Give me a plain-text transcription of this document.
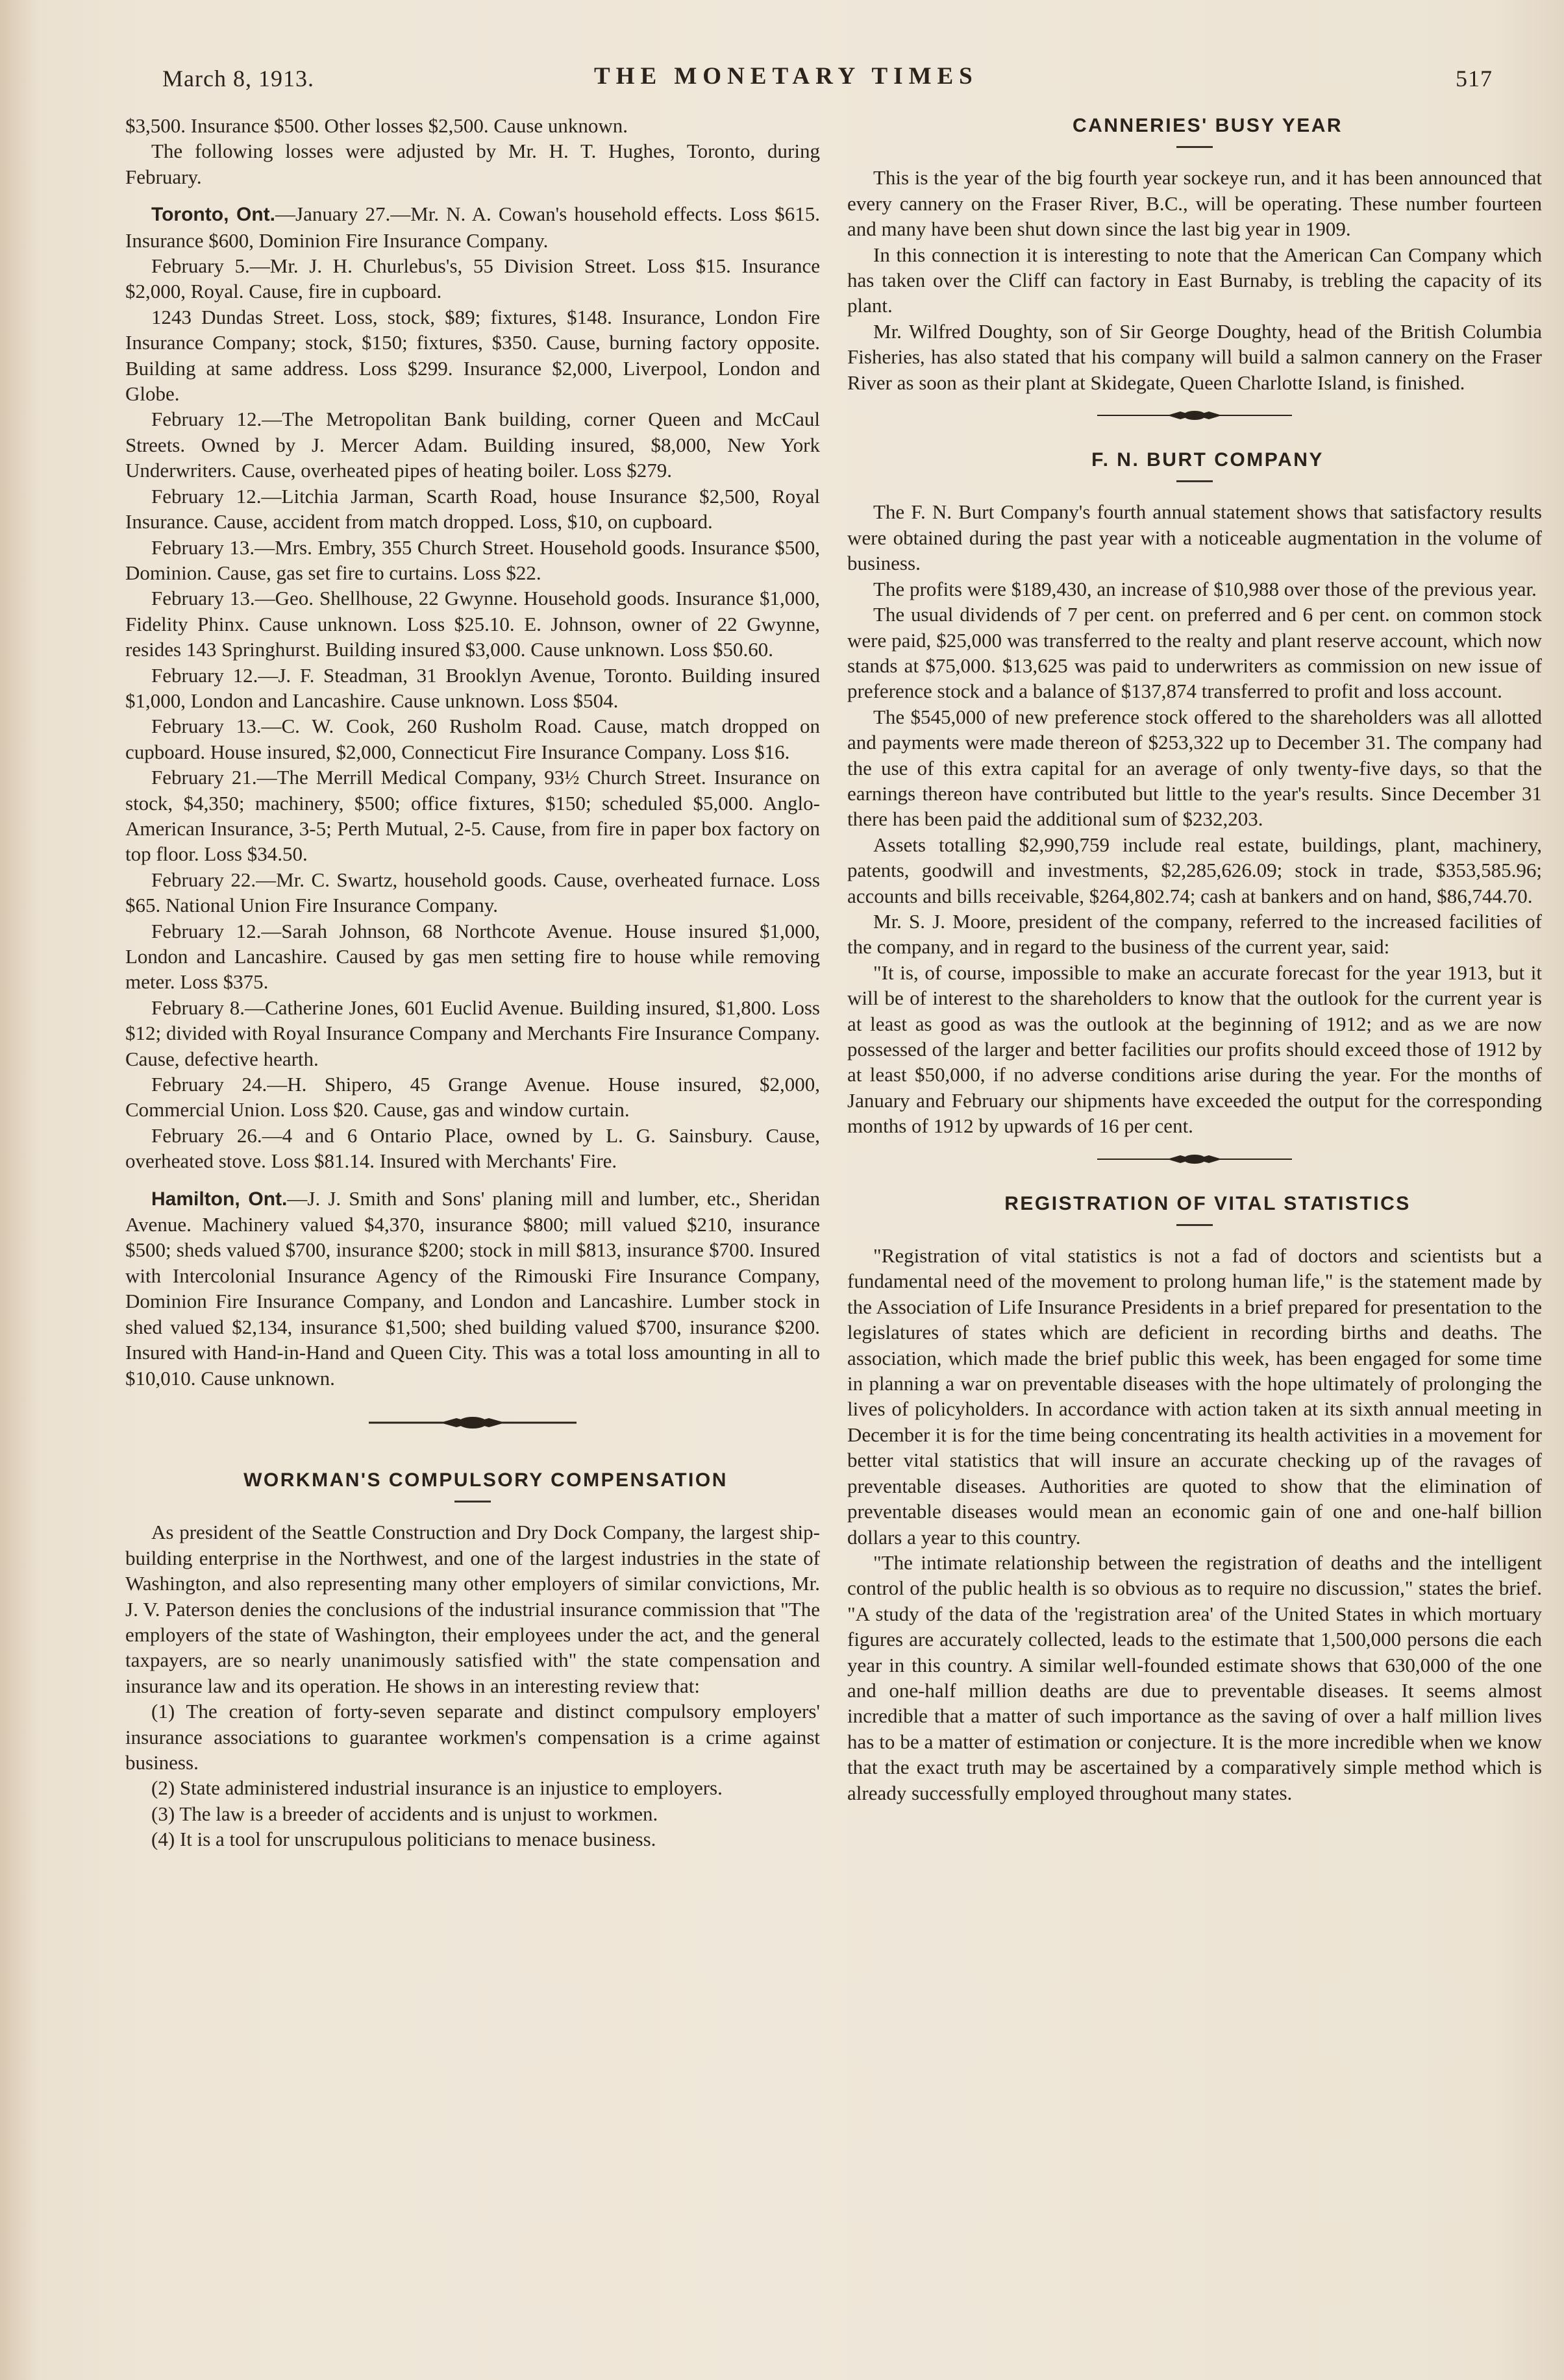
March 8, 1913.	THE MONETARY TIMES	517

$3,500. Insurance $500. Other losses $2,500. Cause unknown.

The following losses were adjusted by Mr. H. T. Hughes, Toronto, during February.

Toronto, Ont.—January 27.—Mr. N. A. Cowan's household effects. Loss $615. Insurance $600, Dominion Fire Insurance Company.

February 5.—Mr. J. H. Churlebus's, 55 Division Street. Loss $15. Insurance $2,000, Royal. Cause, fire in cupboard.

1243 Dundas Street. Loss, stock, $89; fixtures, $148. Insurance, London Fire Insurance Company; stock, $150; fixtures, $350. Cause, burning factory opposite. Building at same address. Loss $299. Insurance $2,000, Liverpool, London and Globe.

February 12.—The Metropolitan Bank building, corner Queen and McCaul Streets. Owned by J. Mercer Adam. Building insured, $8,000, New York Underwriters. Cause, overheated pipes of heating boiler. Loss $279.

February 12.—Litchia Jarman, Scarth Road, house Insurance $2,500, Royal Insurance. Cause, accident from match dropped. Loss, $10, on cupboard.

February 13.—Mrs. Embry, 355 Church Street. Household goods. Insurance $500, Dominion. Cause, gas set fire to curtains. Loss $22.

February 13.—Geo. Shellhouse, 22 Gwynne. Household goods. Insurance $1,000, Fidelity Phinx. Cause unknown. Loss $25.10. E. Johnson, owner of 22 Gwynne, resides 143 Springhurst. Building insured $3,000. Cause unknown. Loss $50.60.

February 12.—J. F. Steadman, 31 Brooklyn Avenue, Toronto. Building insured $1,000, London and Lancashire. Cause unknown. Loss $504.

February 13.—C. W. Cook, 260 Rusholm Road. Cause, match dropped on cupboard. House insured, $2,000, Connecticut Fire Insurance Company. Loss $16.

February 21.—The Merrill Medical Company, 93½ Church Street. Insurance on stock, $4,350; machinery, $500; office fixtures, $150; scheduled $5,000. Anglo-American Insurance, 3-5; Perth Mutual, 2-5. Cause, from fire in paper box factory on top floor. Loss $34.50.

February 22.—Mr. C. Swartz, household goods. Cause, overheated furnace. Loss $65. National Union Fire Insurance Company.

February 12.—Sarah Johnson, 68 Northcote Avenue. House insured $1,000, London and Lancashire. Caused by gas men setting fire to house while removing meter. Loss $375.

February 8.—Catherine Jones, 601 Euclid Avenue. Building insured, $1,800. Loss $12; divided with Royal Insurance Company and Merchants Fire Insurance Company. Cause, defective hearth.

February 24.—H. Shipero, 45 Grange Avenue. House insured, $2,000, Commercial Union. Loss $20. Cause, gas and window curtain.

February 26.—4 and 6 Ontario Place, owned by L. G. Sainsbury. Cause, overheated stove. Loss $81.14. Insured with Merchants' Fire.

Hamilton, Ont.—J. J. Smith and Sons' planing mill and lumber, etc., Sheridan Avenue. Machinery valued $4,370, insurance $800; mill valued $210, insurance $500; sheds valued $700, insurance $200; stock in mill $813, insurance $700. Insured with Intercolonial Insurance Agency of the Rimouski Fire Insurance Company, Dominion Fire Insurance Company, and London and Lancashire. Lumber stock in shed valued $2,134, insurance $1,500; shed building valued $700, insurance $200. Insured with Hand-in-Hand and Queen City. This was a total loss amounting in all to $10,010. Cause unknown.

WORKMAN'S COMPULSORY COMPENSATION

As president of the Seattle Construction and Dry Dock Company, the largest ship-building enterprise in the Northwest, and one of the largest industries in the state of Washington, and also representing many other employers of similar convictions, Mr. J. V. Paterson denies the conclusions of the industrial insurance commission that "The employers of the state of Washington, their employees under the act, and the general taxpayers, are so nearly unanimously satisfied with" the state compensation and insurance law and its operation. He shows in an interesting review that:

(1) The creation of forty-seven separate and distinct compulsory employers' insurance associations to guarantee workmen's compensation is a crime against business.

(2) State administered industrial insurance is an injustice to employers.

(3) The law is a breeder of accidents and is unjust to workmen.

(4) It is a tool for unscrupulous politicians to menace business.

CANNERIES' BUSY YEAR

This is the year of the big fourth year sockeye run, and it has been announced that every cannery on the Fraser River, B.C., will be operating. These number fourteen and many have been shut down since the last big year in 1909.

In this connection it is interesting to note that the American Can Company which has taken over the Cliff can factory in East Burnaby, is trebling the capacity of its plant.

Mr. Wilfred Doughty, son of Sir George Doughty, head of the British Columbia Fisheries, has also stated that his company will build a salmon cannery on the Fraser River as soon as their plant at Skidegate, Queen Charlotte Island, is finished.

F. N. BURT COMPANY

The F. N. Burt Company's fourth annual statement shows that satisfactory results were obtained during the past year with a noticeable augmentation in the volume of business.

The profits were $189,430, an increase of $10,988 over those of the previous year.

The usual dividends of 7 per cent. on preferred and 6 per cent. on common stock were paid, $25,000 was transferred to the realty and plant reserve account, which now stands at $75,000. $13,625 was paid to underwriters as commission on new issue of preference stock and a balance of $137,874 transferred to profit and loss account.

The $545,000 of new preference stock offered to the shareholders was all allotted and payments were made thereon of $253,322 up to December 31. The company had the use of this extra capital for an average of only twenty-five days, so that the earnings thereon have contributed but little to the year's results. Since December 31 there has been paid the additional sum of $232,203.

Assets totalling $2,990,759 include real estate, buildings, plant, machinery, patents, goodwill and investments, $2,285,626.09; stock in trade, $353,585.96; accounts and bills receivable, $264,802.74; cash at bankers and on hand, $86,744.70.

Mr. S. J. Moore, president of the company, referred to the increased facilities of the company, and in regard to the business of the current year, said:

"It is, of course, impossible to make an accurate forecast for the year 1913, but it will be of interest to the shareholders to know that the outlook for the current year is at least as good as was the outlook at the beginning of 1912; and as we are now possessed of the larger and better facilities our profits should exceed those of 1912 by at least $50,000, if no adverse conditions arise during the year. For the months of January and February our shipments have exceeded the output for the corresponding months of 1912 by upwards of 16 per cent.

REGISTRATION OF VITAL STATISTICS

"Registration of vital statistics is not a fad of doctors and scientists but a fundamental need of the movement to prolong human life," is the statement made by the Association of Life Insurance Presidents in a brief prepared for presentation to the legislatures of states which are deficient in recording births and deaths. The association, which made the brief public this week, has been engaged for some time in planning a war on preventable diseases with the hope ultimately of prolonging the lives of policyholders. In accordance with action taken at its sixth annual meeting in December it is for the time being concentrating its health activities in a movement for better vital statistics that will insure an accurate checking up of the ravages of preventable diseases. Authorities are quoted to show that the elimination of preventable diseases would mean an economic gain of one and one-half billion dollars a year to this country.

"The intimate relationship between the registration of deaths and the intelligent control of the public health is so obvious as to require no discussion," states the brief. "A study of the data of the 'registration area' of the United States in which mortuary figures are accurately collected, leads to the estimate that 1,500,000 persons die each year in this country. A similar well-founded estimate shows that 630,000 of the one and one-half million deaths are due to preventable diseases. It seems almost incredible that a matter of such importance as the saving of over a half million lives has to be a matter of estimation or conjecture. It is the more incredible when we know that the exact truth may be ascertained by a comparatively simple method which is already successfully employed throughout many states.
